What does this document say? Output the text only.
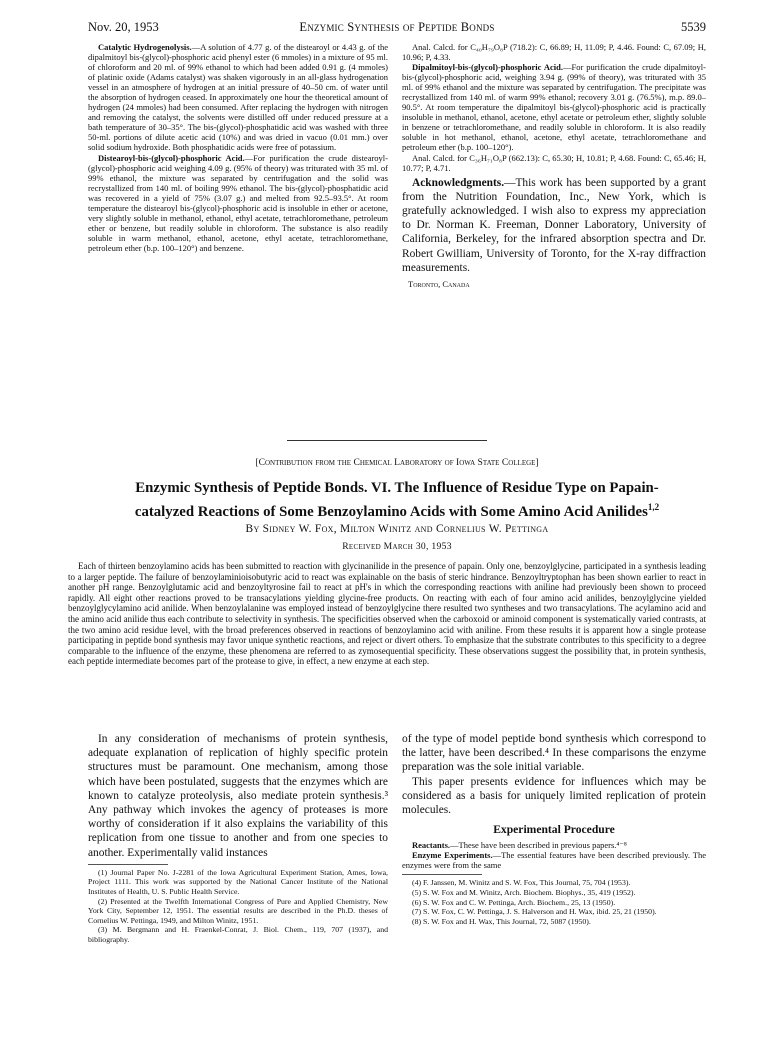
Nov. 20, 1953	Enzymic Synthesis of Peptide Bonds	5539

Catalytic Hydrogenolysis.—A solution of 4.77 g. of the distearoyl or 4.43 g. of the dipalmitoyl bis-(glycol)-phosphoric acid phenyl ester (6 mmoles) in a mixture of 95 ml. of chloroform and 20 ml. of 99% ethanol to which had been added 0.91 g. (4 mmoles) of platinic oxide (Adams catalyst) was shaken vigorously in an all-glass hydrogenation vessel in an atmosphere of hydrogen at an initial pressure of 40–50 cm. of water until the absorption of hydrogen ceased. In approximately one hour the theoretical amount of hydrogen (24 mmoles) had been consumed. After replacing the hydrogen with nitrogen and removing the catalyst, the solvents were distilled off under reduced pressure at a bath temperature of 30–35°. The bis-(glycol)-phosphatidic acid was washed with three 50-ml. portions of dilute acetic acid (10%) and was dried in vacuo (0.01 mm.) over solid sodium hydroxide. Both phosphatidic acids were free of potassium.

Distearoyl-bis-(glycol)-phosphoric Acid.—For purification the crude distearoyl-(glycol)-phosphoric acid weighing 4.09 g. (95% of theory) was triturated with 35 ml. of 99% ethanol, the mixture was separated by centrifugation and the solid was recrystallized from 140 ml. of boiling 99% ethanol. The bis-(glycol)-phosphatidic acid was recovered in a yield of 75% (3.07 g.) and melted from 92.5–93.5°. At room temperature the distearoyl bis-(glycol)-phosphoric acid is insoluble in ether or acetone, very slightly soluble in methanol, ethanol, ethyl acetate, tetrachloromethane, petroleum ether or benzene, but readily soluble in chloroform. The substance is also readily soluble in warm methanol, ethanol, acetone, ethyl acetate, tetrachloromethane, petroleum ether (b.p. 100–120°) and benzene.

Anal. Calcd. for C₄₀H₇₉O₈P (718.2): C, 66.89; H, 11.09; P, 4.46. Found: C, 67.09; H, 10.96; P, 4.33.

Dipalmitoyl-bis-(glycol)-phosphoric Acid.—For purification the crude dipalmitoyl-bis-(glycol)-phosphoric acid, weighing 3.94 g. (99% of theory), was triturated with 35 ml. of 99% ethanol and the mixture was separated by centrifugation. The precipitate was recrystallized from 140 ml. of warm 99% ethanol; recovery 3.01 g. (76.5%), m.p. 89.0–90.5°. At room temperature the dipalmitoyl bis-(glycol)-phosphoric acid is practically insoluble in methanol, ethanol, acetone, ethyl acetate or petroleum ether, slightly soluble in benzene or tetrachloromethane, and readily soluble in chloroform. It is also readily soluble in hot methanol, ethanol, acetone, ethyl acetate, tetrachloromethane and petroleum ether (b.p. 100–120°).

Anal. Calcd. for C₃₆H₇₁O₈P (662.13): C, 65.30; H, 10.81; P, 4.68. Found: C, 65.46; H, 10.77; P, 4.71.

Acknowledgments.—This work has been supported by a grant from the Nutrition Foundation, Inc., New York, which is gratefully acknowledged. I wish also to express my appreciation to Dr. Norman K. Freeman, Donner Laboratory, University of California, Berkeley, for the infrared absorption spectra and Dr. Robert Gwilliam, University of Toronto, for the X-ray diffraction measurements.

Toronto, Canada

[Contribution from the Chemical Laboratory of Iowa State College]
Enzymic Synthesis of Peptide Bonds. VI. The Influence of Residue Type on Papain-
catalyzed Reactions of Some Benzoylamino Acids with Some Amino Acid Anilides$^{1,2}$
By Sidney W. Fox, Milton Winitz and Cornelius W. Pettinga
Received March 30, 1953

Each of thirteen benzoylamino acids has been submitted to reaction with glycinanilide in the presence of papain. Only one, benzoylglycine, participated in a synthesis leading to a larger peptide. The failure of benzoylaminioisobutyric acid to react was explainable on the basis of steric hindrance. Benzoyltryptophan has been shown earlier to react in another pH range. Benzoylglutamic acid and benzoyltyrosine fail to react at pH's in which the corresponding reactions with aniline had previously been shown to proceed rapidly. All eight other reactions proved to be transacylations yielding glycine-free products. On reacting with each of four amino acid anilides, benzoylglycine yielded benzoylglycylamino acid anilide. When benzoylalanine was employed instead of benzoylglycine there resulted two syntheses and two transacylations. The acylamino acid and the amino acid anilide thus each contribute to selectivity in synthesis. The specificities observed when the carboxoid or aminoid component is systematically varied contrasts, at the two amino acid residue level, with the broad preferences observed in reactions of benzoylamino acid with aniline. From these results it is apparent how a single protease participating in peptide bond synthesis may favor unique synthetic reactions, and reject or divert others. To emphasize that the substrate contributes to this specificity to a degree comparable to the influence of the enzyme, these phenomena are referred to as zymosequential specificity. These observations suggest the possibility that, in protein synthesis, each peptide intermediate becomes part of the protease to give, in effect, a new enzyme at each step.

In any consideration of mechanisms of protein synthesis, adequate explanation of replication of highly specific protein structures must be paramount. One mechanism, among those which have been postulated, suggests that the enzymes which are known to catalyze proteolysis, also mediate protein synthesis.³ Any pathway which invokes the agency of proteases is more worthy of consideration if it also explains the variability of this replication from one tissue to another and from one species to another. Experimentally valid instances

(1) Journal Paper No. J-2281 of the Iowa Agricultural Experiment Station, Ames, Iowa, Project 1111. This work was supported by the National Cancer Institute of the National Institutes of Health, U. S. Public Health Service.

(2) Presented at the Twelfth International Congress of Pure and Applied Chemistry, New York City, September 12, 1951. The essential results are described in the Ph.D. theses of Cornelius W. Pettinga, 1949, and Milton Winitz, 1951.

(3) M. Bergmann and H. Fraenkel-Conrat, J. Biol. Chem., 119, 707 (1937), and bibliography.

of the type of model peptide bond synthesis which correspond to the latter, have been described.⁴ In these comparisons the enzyme preparation was the sole initial variable.

This paper presents evidence for influences which may be considered as a basis for uniquely limited replication of protein molecules.

Experimental Procedure

Reactants.—These have been described in previous papers.⁴⁻⁸

Enzyme Experiments.—The essential features have been described previously. The enzymes were from the same

(4) F. Janssen, M. Winitz and S. W. Fox, This Journal, 75, 704 (1953).

(5) S. W. Fox and M. Winitz, Arch. Biochem. Biophys., 35, 419 (1952).

(6) S. W. Fox and C. W. Pettinga, Arch. Biochem., 25, 13 (1950).

(7) S. W. Fox, C. W. Pettinga, J. S. Halverson and H. Wax, ibid. 25, 21 (1950).

(8) S. W. Fox and H. Wax, This Journal, 72, 5087 (1950).
